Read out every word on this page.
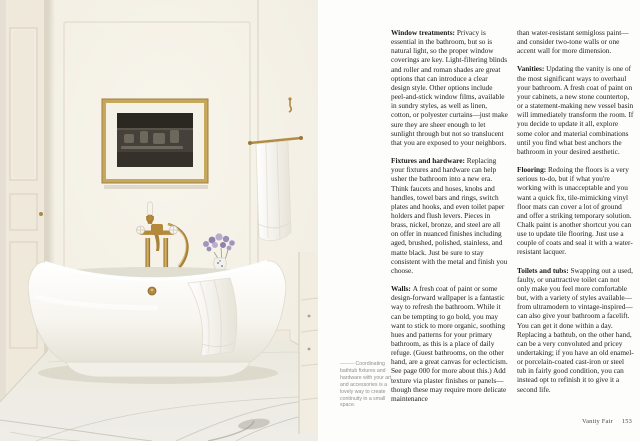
——— Coordinating bathtub fixtures and hardware with your art and accessories is a lovely way to create continuity in a small space.

Window treatments: Privacy is essential in the bathroom, but so is natural light, so the proper window coverings are key. Light-filtering blinds and roller and roman shades are great options that can introduce a clear design style. Other options include peel-and-stick window films, available in sundry styles, as well as linen, cotton, or polyester curtains—just make sure they are sheer enough to let sunlight through but not so translucent that you are exposed to your neighbors.

Fixtures and hardware: Replacing your fixtures and hardware can help usher the bathroom into a new era. Think faucets and hoses, knobs and handles, towel bars and rings, switch plates and hooks, and even toilet paper holders and flush levers. Pieces in brass, nickel, bronze, and steel are all on offer in nuanced finishes including aged, brushed, polished, stainless, and matte black. Just be sure to stay consistent with the metal and finish you choose.

Walls: A fresh coat of paint or some design-forward wallpaper is a fantastic way to refresh the bathroom. While it can be tempting to go bold, you may want to stick to more organic, soothing hues and patterns for your primary bathroom, as this is a place of daily refuge. (Guest bathrooms, on the other hand, are a great canvas for eclecticism. See page 000 for more about this.) Add texture via plaster finishes or panels—though these may require more delicate maintenance

than water-resistant semigloss paint—and consider two-tone walls or one accent wall for more dimension.

Vanities: Updating the vanity is one of the most significant ways to overhaul your bathroom. A fresh coat of paint on your cabinets, a new stone countertop, or a statement-making new vessel basin will immediately transform the room. If you decide to update it all, explore some color and material combinations until you find what best anchors the bathroom in your desired aesthetic.

Flooring: Redoing the floors is a very serious to-do, but if what you're working with is unacceptable and you want a quick fix, tile-mimicking vinyl floor mats can cover a lot of ground and offer a striking temporary solution. Chalk paint is another shortcut you can use to update tile flooring. Just use a couple of coats and seal it with a water-resistant lacquer.

Toilets and tubs: Swapping out a used, faulty, or unattractive toilet can not only make you feel more comfortable but, with a variety of styles available—from ultramodern to vintage-inspired—can also give your bathroom a facelift. You can get it done within a day. Replacing a bathtub, on the other hand, can be a very convoluted and pricey undertaking; if you have an old enamel- or porcelain-coated cast-iron or steel tub in fairly good condition, you can instead opt to refinish it to give it a second life.

Vanity Fair 153
